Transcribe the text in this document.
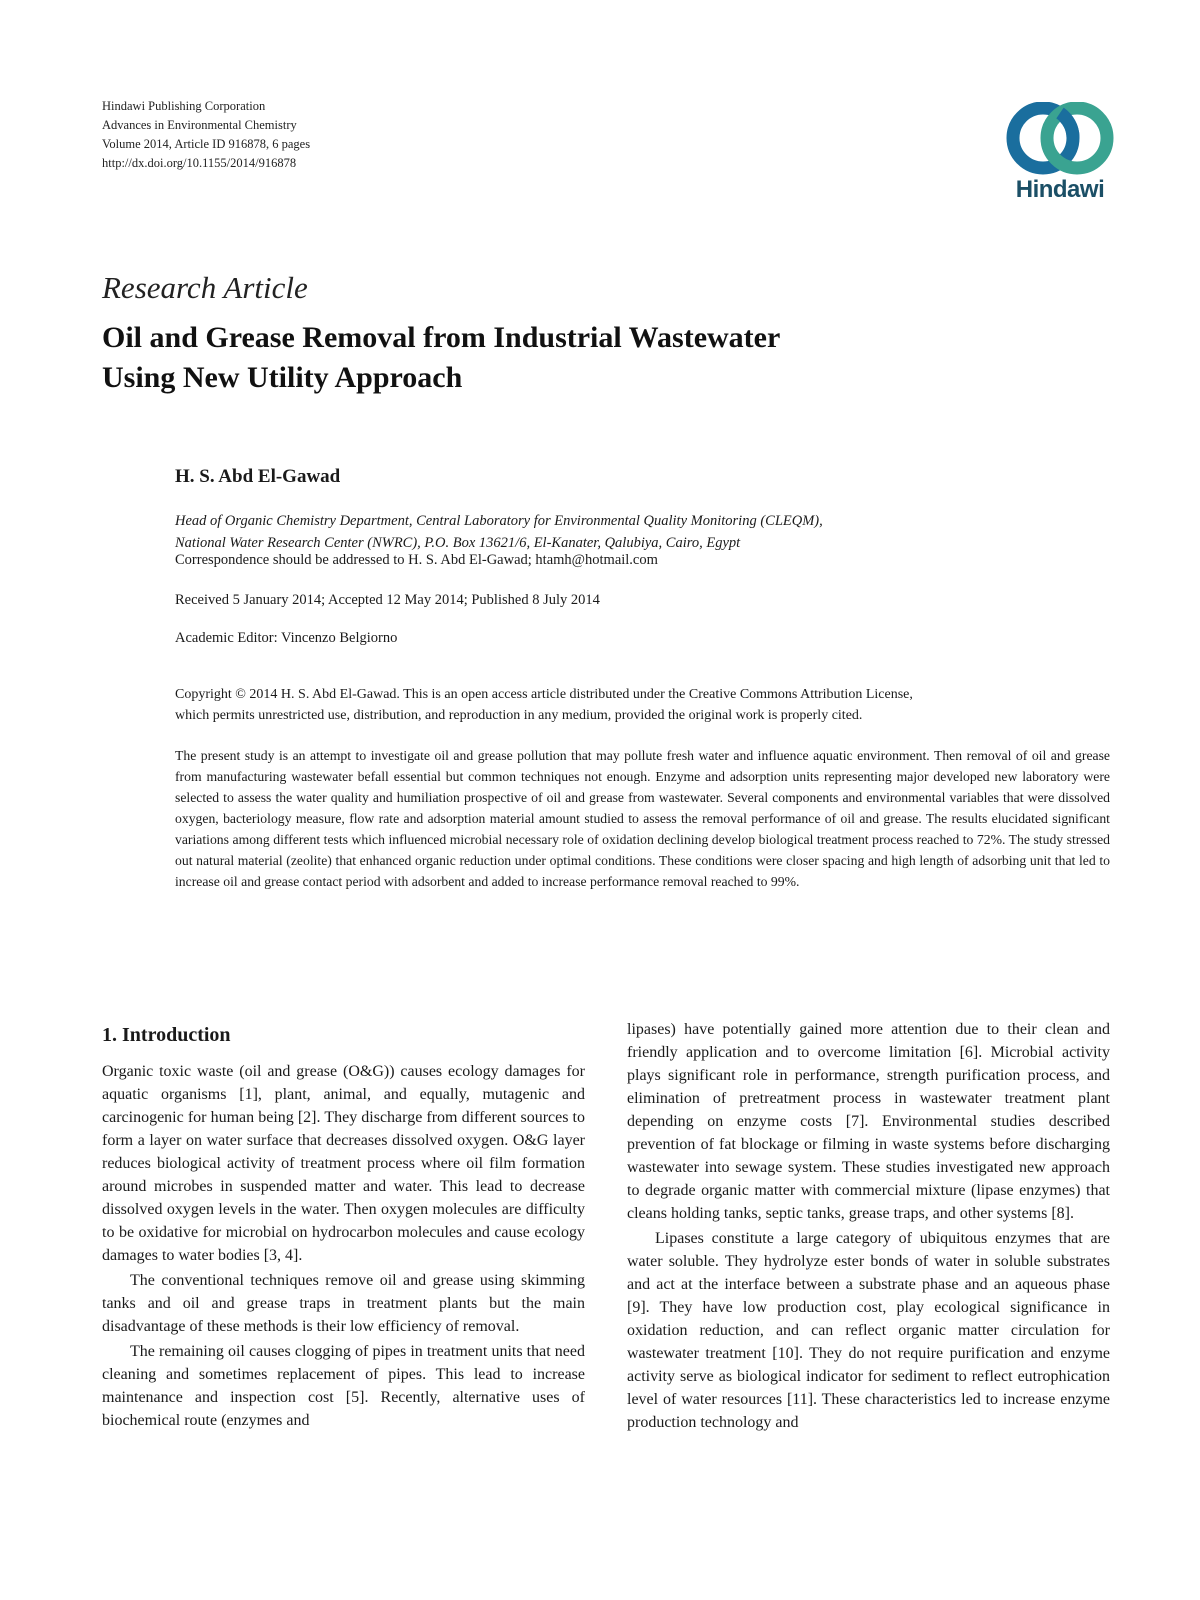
Hindawi Publishing Corporation
Advances in Environmental Chemistry
Volume 2014, Article ID 916878, 6 pages
http://dx.doi.org/10.1155/2014/916878
Hindawi
Research Article
Oil and Grease Removal from Industrial Wastewater
Using New Utility Approach
H. S. Abd El-Gawad
Head of Organic Chemistry Department, Central Laboratory for Environmental Quality Monitoring (CLEQM),
National Water Research Center (NWRC), P.O. Box 13621/6, El-Kanater, Qalubiya, Cairo, Egypt
Correspondence should be addressed to H. S. Abd El-Gawad; htamh@hotmail.com
Received 5 January 2014; Accepted 12 May 2014; Published 8 July 2014
Academic Editor: Vincenzo Belgiorno
Copyright © 2014 H. S. Abd El-Gawad. This is an open access article distributed under the Creative Commons Attribution License,
which permits unrestricted use, distribution, and reproduction in any medium, provided the original work is properly cited.
The present study is an attempt to investigate oil and grease pollution that may pollute fresh water and influence aquatic environment. Then removal of oil and grease from manufacturing wastewater befall essential but common techniques not enough. Enzyme and adsorption units representing major developed new laboratory were selected to assess the water quality and humiliation prospective of oil and grease from wastewater. Several components and environmental variables that were dissolved oxygen, bacteriology measure, flow rate and adsorption material amount studied to assess the removal performance of oil and grease. The results elucidated significant variations among different tests which influenced microbial necessary role of oxidation declining develop biological treatment process reached to 72%. The study stressed out natural material (zeolite) that enhanced organic reduction under optimal conditions. These conditions were closer spacing and high length of adsorbing unit that led to increase oil and grease contact period with adsorbent and added to increase performance removal reached to 99%.
1. Introduction

Organic toxic waste (oil and grease (O&G)) causes ecology damages for aquatic organisms [1], plant, animal, and equally, mutagenic and carcinogenic for human being [2]. They discharge from different sources to form a layer on water surface that decreases dissolved oxygen. O&G layer reduces biological activity of treatment process where oil film formation around microbes in suspended matter and water. This lead to decrease dissolved oxygen levels in the water. Then oxygen molecules are difficulty to be oxidative for microbial on hydrocarbon molecules and cause ecology damages to water bodies [3, 4].

The conventional techniques remove oil and grease using skimming tanks and oil and grease traps in treatment plants but the main disadvantage of these methods is their low efficiency of removal.

The remaining oil causes clogging of pipes in treatment units that need cleaning and sometimes replacement of pipes. This lead to increase maintenance and inspection cost [5]. Recently, alternative uses of biochemical route (enzymes and

lipases) have potentially gained more attention due to their clean and friendly application and to overcome limitation [6]. Microbial activity plays significant role in performance, strength purification process, and elimination of pretreatment process in wastewater treatment plant depending on enzyme costs [7]. Environmental studies described prevention of fat blockage or filming in waste systems before discharging wastewater into sewage system. These studies investigated new approach to degrade organic matter with commercial mixture (lipase enzymes) that cleans holding tanks, septic tanks, grease traps, and other systems [8].

Lipases constitute a large category of ubiquitous enzymes that are water soluble. They hydrolyze ester bonds of water in soluble substrates and act at the interface between a substrate phase and an aqueous phase [9]. They have low production cost, play ecological significance in oxidation reduction, and can reflect organic matter circulation for wastewater treatment [10]. They do not require purification and enzyme activity serve as biological indicator for sediment to reflect eutrophication level of water resources [11]. These characteristics led to increase enzyme production technology and
